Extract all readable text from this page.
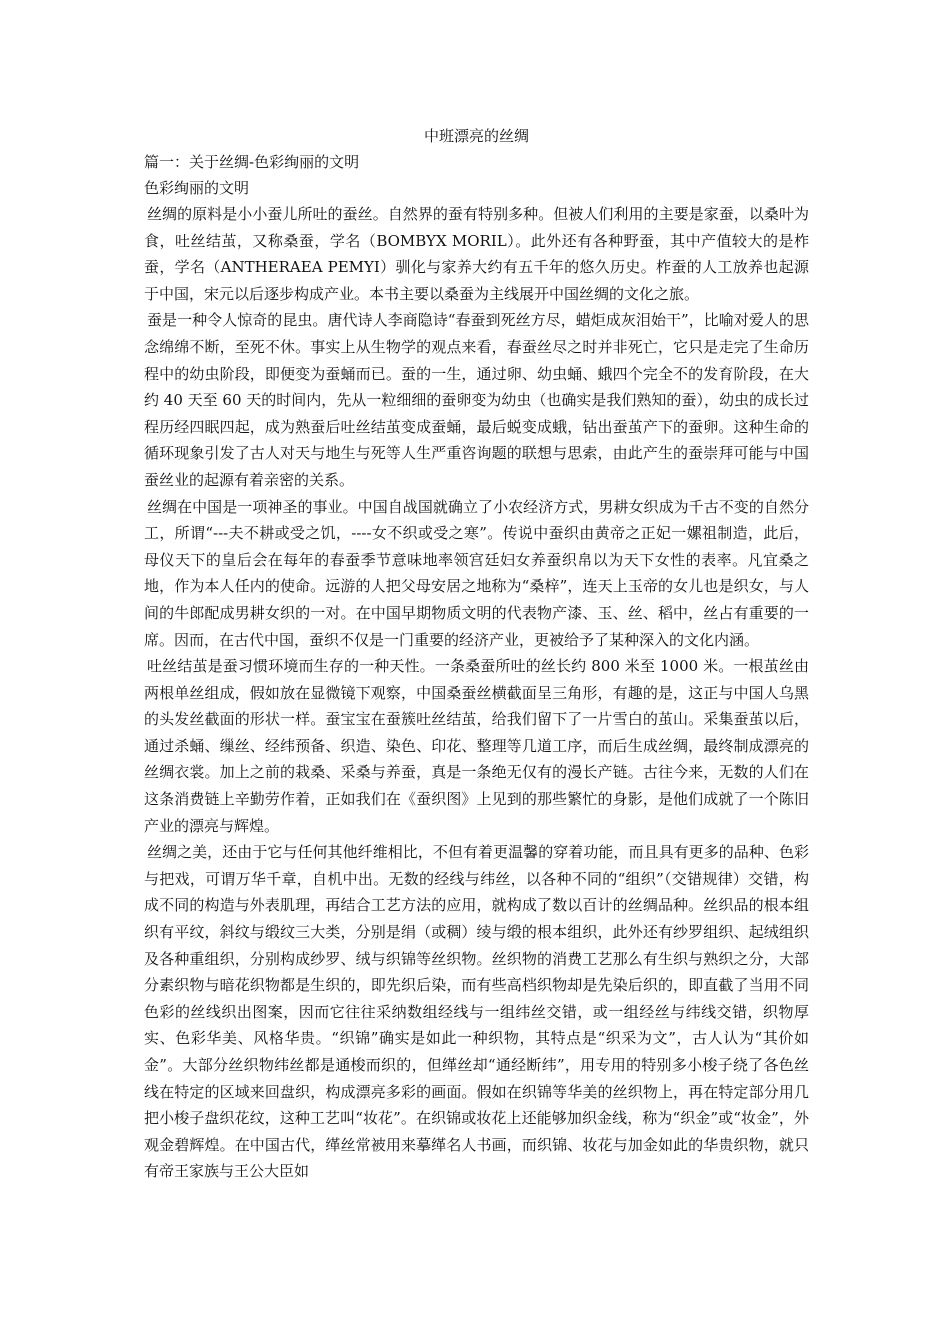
中班漂亮的丝绸

篇一：关于丝绸-色彩绚丽的文明

色彩绚丽的文明

丝绸的原料是小小蚕儿所吐的蚕丝。自然界的蚕有特别多种。但被人们利用的主要是家蚕，以桑叶为食，吐丝结茧，又称桑蚕，学名（BOMBYX MORIL）。此外还有各种野蚕，其中产值较大的是柞蚕，学名（ANTHERAEA PEMYI）驯化与家养大约有五千年的悠久历史。柞蚕的人工放养也起源于中国，宋元以后逐步构成产业。本书主要以桑蚕为主线展开中国丝绸的文化之旅。

蚕是一种令人惊奇的昆虫。唐代诗人李商隐诗“春蚕到死丝方尽，蜡炬成灰泪始干”，比喻对爱人的思念绵绵不断，至死不休。事实上从生物学的观点来看，春蚕丝尽之时并非死亡，它只是走完了生命历程中的幼虫阶段，即便变为蚕蛹而已。蚕的一生，通过卵、幼虫蛹、蛾四个完全不的发育阶段，在大约 40 天至 60 天的时间内，先从一粒细细的蚕卵变为幼虫（也确实是我们熟知的蚕），幼虫的成长过程历经四眠四起，成为熟蚕后吐丝结茧变成蚕蛹，最后蜕变成蛾，钻出蚕茧产下的蚕卵。这种生命的循环现象引发了古人对天与地生与死等人生严重咨询题的联想与思索，由此产生的蚕崇拜可能与中国蚕丝业的起源有着亲密的关系。

丝绸在中国是一项神圣的事业。中国自战国就确立了小农经济方式，男耕女织成为千古不变的自然分工，所谓“---夫不耕或受之饥，----女不织或受之寒”。传说中蚕织由黄帝之正妃一嫘祖制造，此后，母仪天下的皇后会在每年的春蚕季节意味地率领宫廷妇女养蚕织帛以为天下女性的表率。凡宜桑之地，作为本人任内的使命。远游的人把父母安居之地称为“桑梓”，连天上玉帝的女儿也是织女，与人间的牛郎配成男耕女织的一对。在中国早期物质文明的代表物产漆、玉、丝、稻中，丝占有重要的一席。因而，在古代中国，蚕织不仅是一门重要的经济产业，更被给予了某种深入的文化内涵。

吐丝结茧是蚕习惯环境而生存的一种天性。一条桑蚕所吐的丝长约 800 米至 1000 米。一根茧丝由两根单丝组成，假如放在显微镜下观察，中国桑蚕丝横截面呈三角形，有趣的是，这正与中国人乌黑的头发丝截面的形状一样。蚕宝宝在蚕簇吐丝结茧，给我们留下了一片雪白的茧山。采集蚕茧以后，通过杀蛹、缫丝、经纬预备、织造、染色、印花、整理等几道工序，而后生成丝绸，最终制成漂亮的丝绸衣裳。加上之前的栽桑、采桑与养蚕，真是一条绝无仅有的漫长产链。古往今来，无数的人们在这条消费链上辛勤劳作着，正如我们在《蚕织图》上见到的那些繁忙的身影，是他们成就了一个陈旧产业的漂亮与辉煌。

丝绸之美，还由于它与任何其他纤维相比，不但有着更温馨的穿着功能，而且具有更多的品种、色彩与把戏，可谓万华千章，自机中出。无数的经线与纬丝，以各种不同的“组织”（交错规律）交错，构成不同的构造与外表肌理，再结合工艺方法的应用，就构成了数以百计的丝绸品种。丝织品的根本组织有平纹，斜纹与缎纹三大类，分别是绢（或稠）绫与缎的根本组织，此外还有纱罗组织、起绒组织及各种重组织，分别构成纱罗、绒与织锦等丝织物。丝织物的消费工艺那么有生织与熟织之分，大部分素织物与暗花织物都是生织的，即先织后染，而有些高档织物却是先染后织的，即直截了当用不同色彩的丝线织出图案，因而它往往采纳数组经线与一组纬丝交错，或一组经丝与纬线交错，织物厚实、色彩华美、风格华贵。“织锦”确实是如此一种织物，其特点是“织采为文”，古人认为“其价如金”。大部分丝织物纬丝都是通梭而织的，但缂丝却“通经断纬”，用专用的特别多小梭子绕了各色丝线在特定的区域来回盘织，构成漂亮多彩的画面。假如在织锦等华美的丝织物上，再在特定部分用几把小梭子盘织花纹，这种工艺叫“妆花”。在织锦或妆花上还能够加织金线，称为“织金”或“妆金”，外观金碧辉煌。在中国古代，缂丝常被用来摹缂名人书画，而织锦、妆花与加金如此的华贵织物，就只有帝王家族与王公大臣如
